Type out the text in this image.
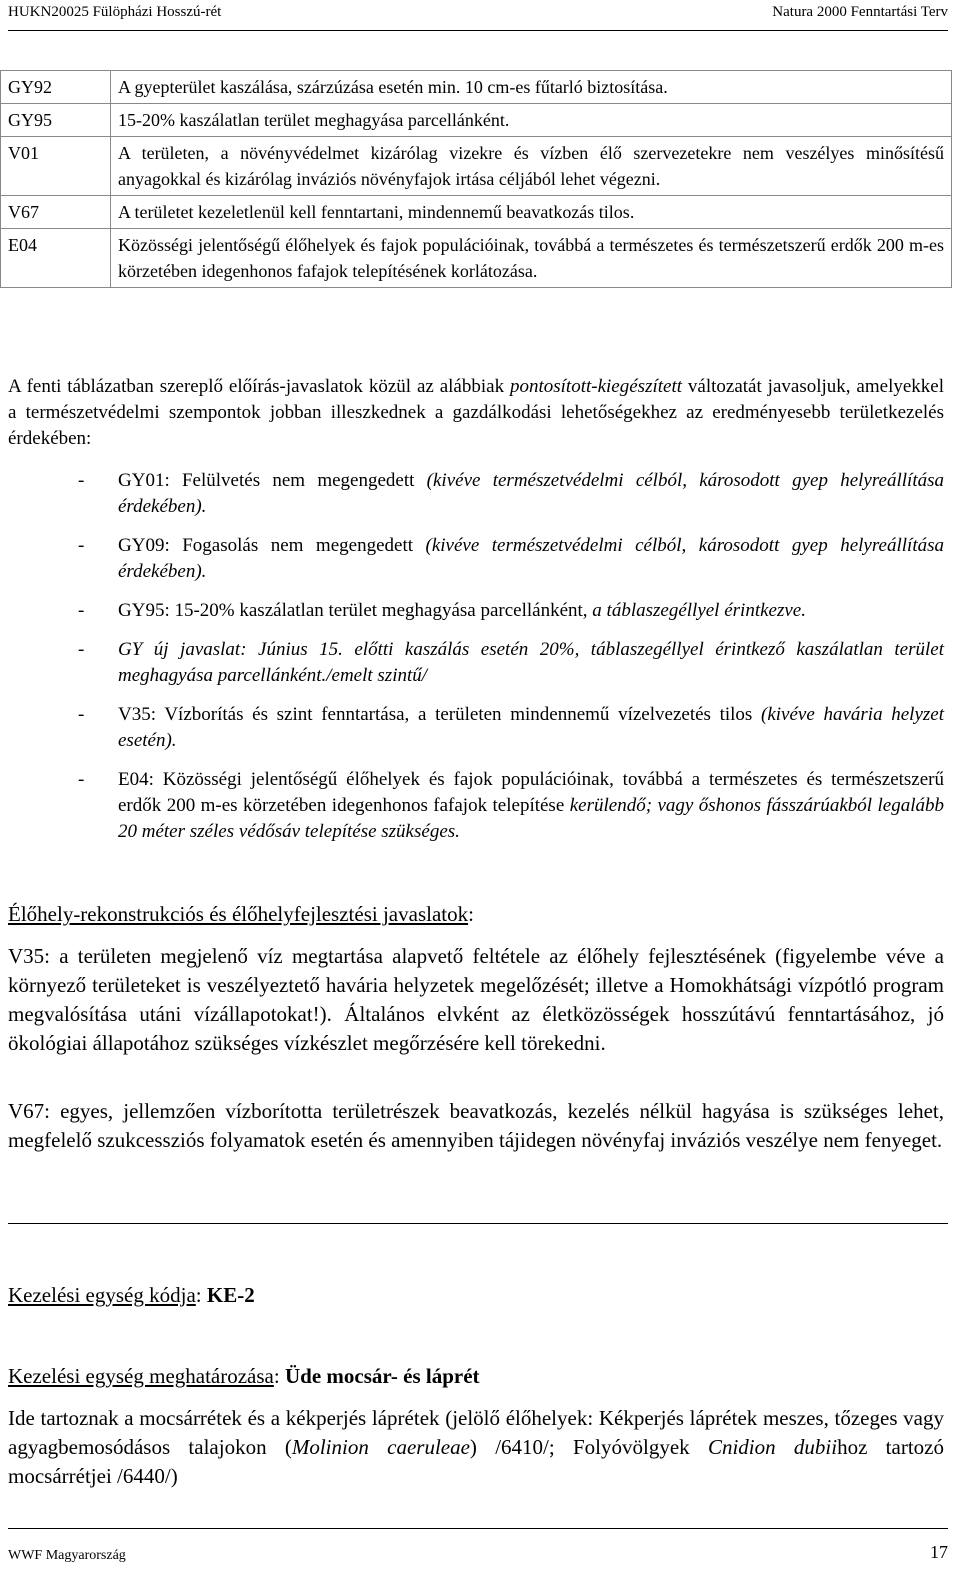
HUKN20025 Fülöpházi Hosszú-rét	Natura 2000 Fenntartási Terv
GY92	A gyepterület kaszálása, szárzúzása esetén min. 10 cm-es fűtarló biztosítása.
GY95	15-20% kaszálatlan terület meghagyása parcellánként.
V01	A területen, a növényvédelmet kizárólag vizekre és vízben élő szervezetekre nem veszélyes minősítésű anyagokkal és kizárólag inváziós növényfajok irtása céljából lehet végezni.
V67	A területet kezeletlenül kell fenntartani, mindennemű beavatkozás tilos.
E04	Közösségi jelentőségű élőhelyek és fajok populációinak, továbbá a természetes és természetszerű erdők 200 m-es körzetében idegenhonos fafajok telepítésének korlátozása.
A fenti táblázatban szereplő előírás-javaslatok közül az alábbiak pontosított-kiegészített változatát javasoljuk, amelyekkel a természetvédelmi szempontok jobban illeszkednek a gazdálkodási lehetőségekhez az eredményesebb területkezelés érdekében:
- GY01: Felülvetés nem megengedett (kivéve természetvédelmi célból, károsodott gyep helyreállítása érdekében).
- GY09: Fogasolás nem megengedett (kivéve természetvédelmi célból, károsodott gyep helyreállítása érdekében).
- GY95: 15-20% kaszálatlan terület meghagyása parcellánként, a táblaszegéllyel érintkezve.
- GY új javaslat: Június 15. előtti kaszálás esetén 20%, táblaszegéllyel érintkező kaszálatlan terület meghagyása parcellánként./emelt szintű/
- V35: Vízborítás és szint fenntartása, a területen mindennemű vízelvezetés tilos (kivéve havária helyzet esetén).
- E04: Közösségi jelentőségű élőhelyek és fajok populációinak, továbbá a természetes és természetszerű erdők 200 m-es körzetében idegenhonos fafajok telepítése kerülendő; vagy őshonos fásszárúakból legalább 20 méter széles védősáv telepítése szükséges.
Élőhely-rekonstrukciós és élőhelyfejlesztési javaslatok:
V35: a területen megjelenő víz megtartása alapvető feltétele az élőhely fejlesztésének (figyelembe véve a környező területeket is veszélyeztető havária helyzetek megelőzését; illetve a Homokhátsági vízpótló program megvalósítása utáni vízállapotokat!). Általános elvként az életközösségek hosszútávú fenntartásához, jó ökológiai állapotához szükséges vízkészlet megőrzésére kell törekedni.
V67: egyes, jellemzően vízborította területrészek beavatkozás, kezelés nélkül hagyása is szükséges lehet, megfelelő szukcessziós folyamatok esetén és amennyiben tájidegen növényfaj inváziós veszélye nem fenyeget.
Kezelési egység kódja: KE-2
Kezelési egység meghatározása: Üde mocsár- és láprét
Ide tartoznak a mocsárrétek és a kékperjés láprétek (jelölő élőhelyek: Kékperjés láprétek meszes, tőzeges vagy agyagbemosódásos talajokon (Molinion caeruleae) /6410/; Folyóvölgyek Cnidion dubiihoz tartozó mocsárrétjei /6440/)
WWF Magyarország	17
